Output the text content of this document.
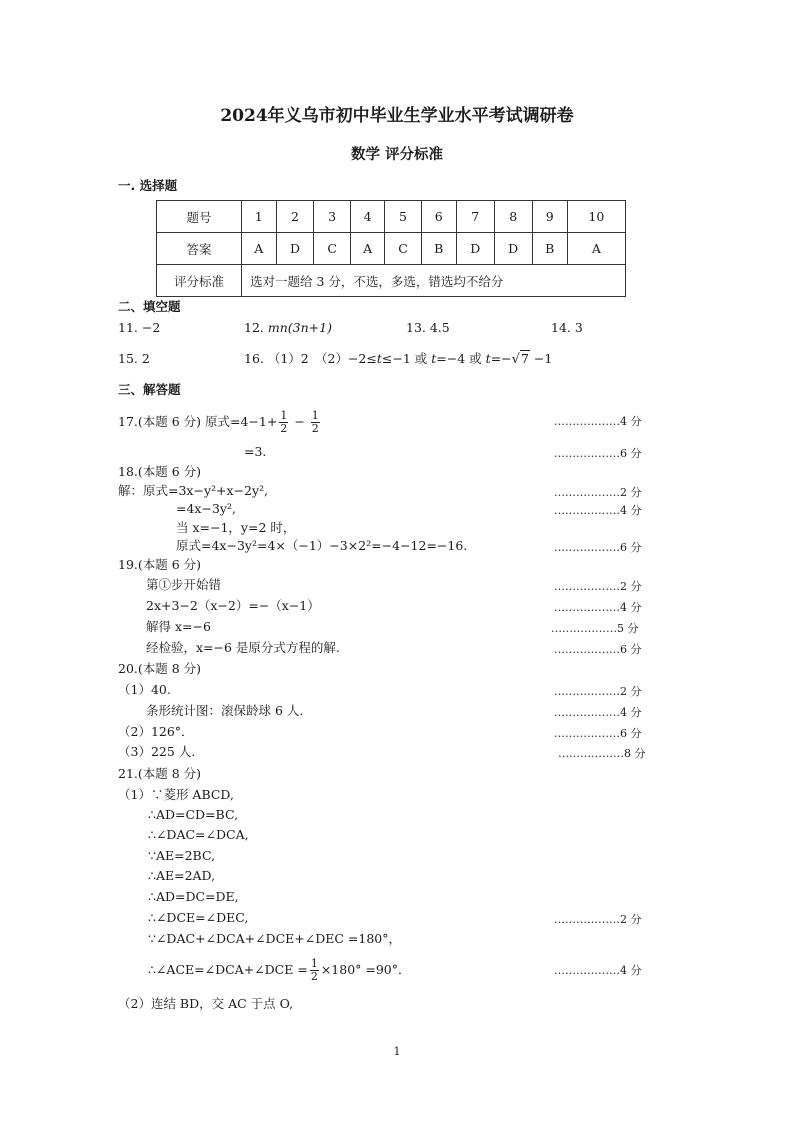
2024年义乌市初中毕业生学业水平考试调研卷
数学 评分标准
一. 选择题
题号	1	2	3	4	5	6	7	8	9	10
答案	A	D	C	A	C	B	D	D	B	A
评分标准	选对一题给 3 分，不选，多选，错选均不给分									
二、填空题
11. −2	12. mn(3n+1)	13. 4.5	14. 3
15. 2	16. （1）2　（2）−2≤t≤−1 或 t=−4 或 t=−√7 −1
三、解答题
17.(本题 6 分) 原式$=4-1+ \frac{1}{2} - \frac{1}{2}$	………………4 分
=3.	………………6 分
18.(本题 6 分)
解：原式=3x−y²+x−2y²,	………………2 分
=4x−3y²,	………………4 分
当 x=−1，y=2 时，
原式=4x−3y²=4×（−1）−3×2²=−4−12=−16.	………………6 分
19.(本题 6 分)
第①步开始错	………………2 分
2x+3−2（x−2）=−（x−1）	………………4 分
解得 x=−6	………………5 分
经检验，x=−6 是原分式方程的解.	………………6 分
20.(本题 8 分)
（1）40.	………………2 分
条形统计图：滚保龄球 6 人.	………………4 分
（2）126°．	………………6 分
（3）225 人.	………………8 分
21.(本题 8 分)
（1）∵菱形 ABCD,
∴AD=CD=BC,
∴∠DAC=∠DCA,
∵AE=2BC,
∴AE=2AD,
∴AD=DC=DE,
∴∠DCE=∠DEC,	………………2 分
∵∠DAC+∠DCA+∠DCE+∠DEC =180°，
∴∠ACE=∠DCA+∠DCE = $\frac{1}{2} \times 180^\circ =90^\circ$．	………………4 分
（2）连结 BD，交 AC 于点 O,
1
